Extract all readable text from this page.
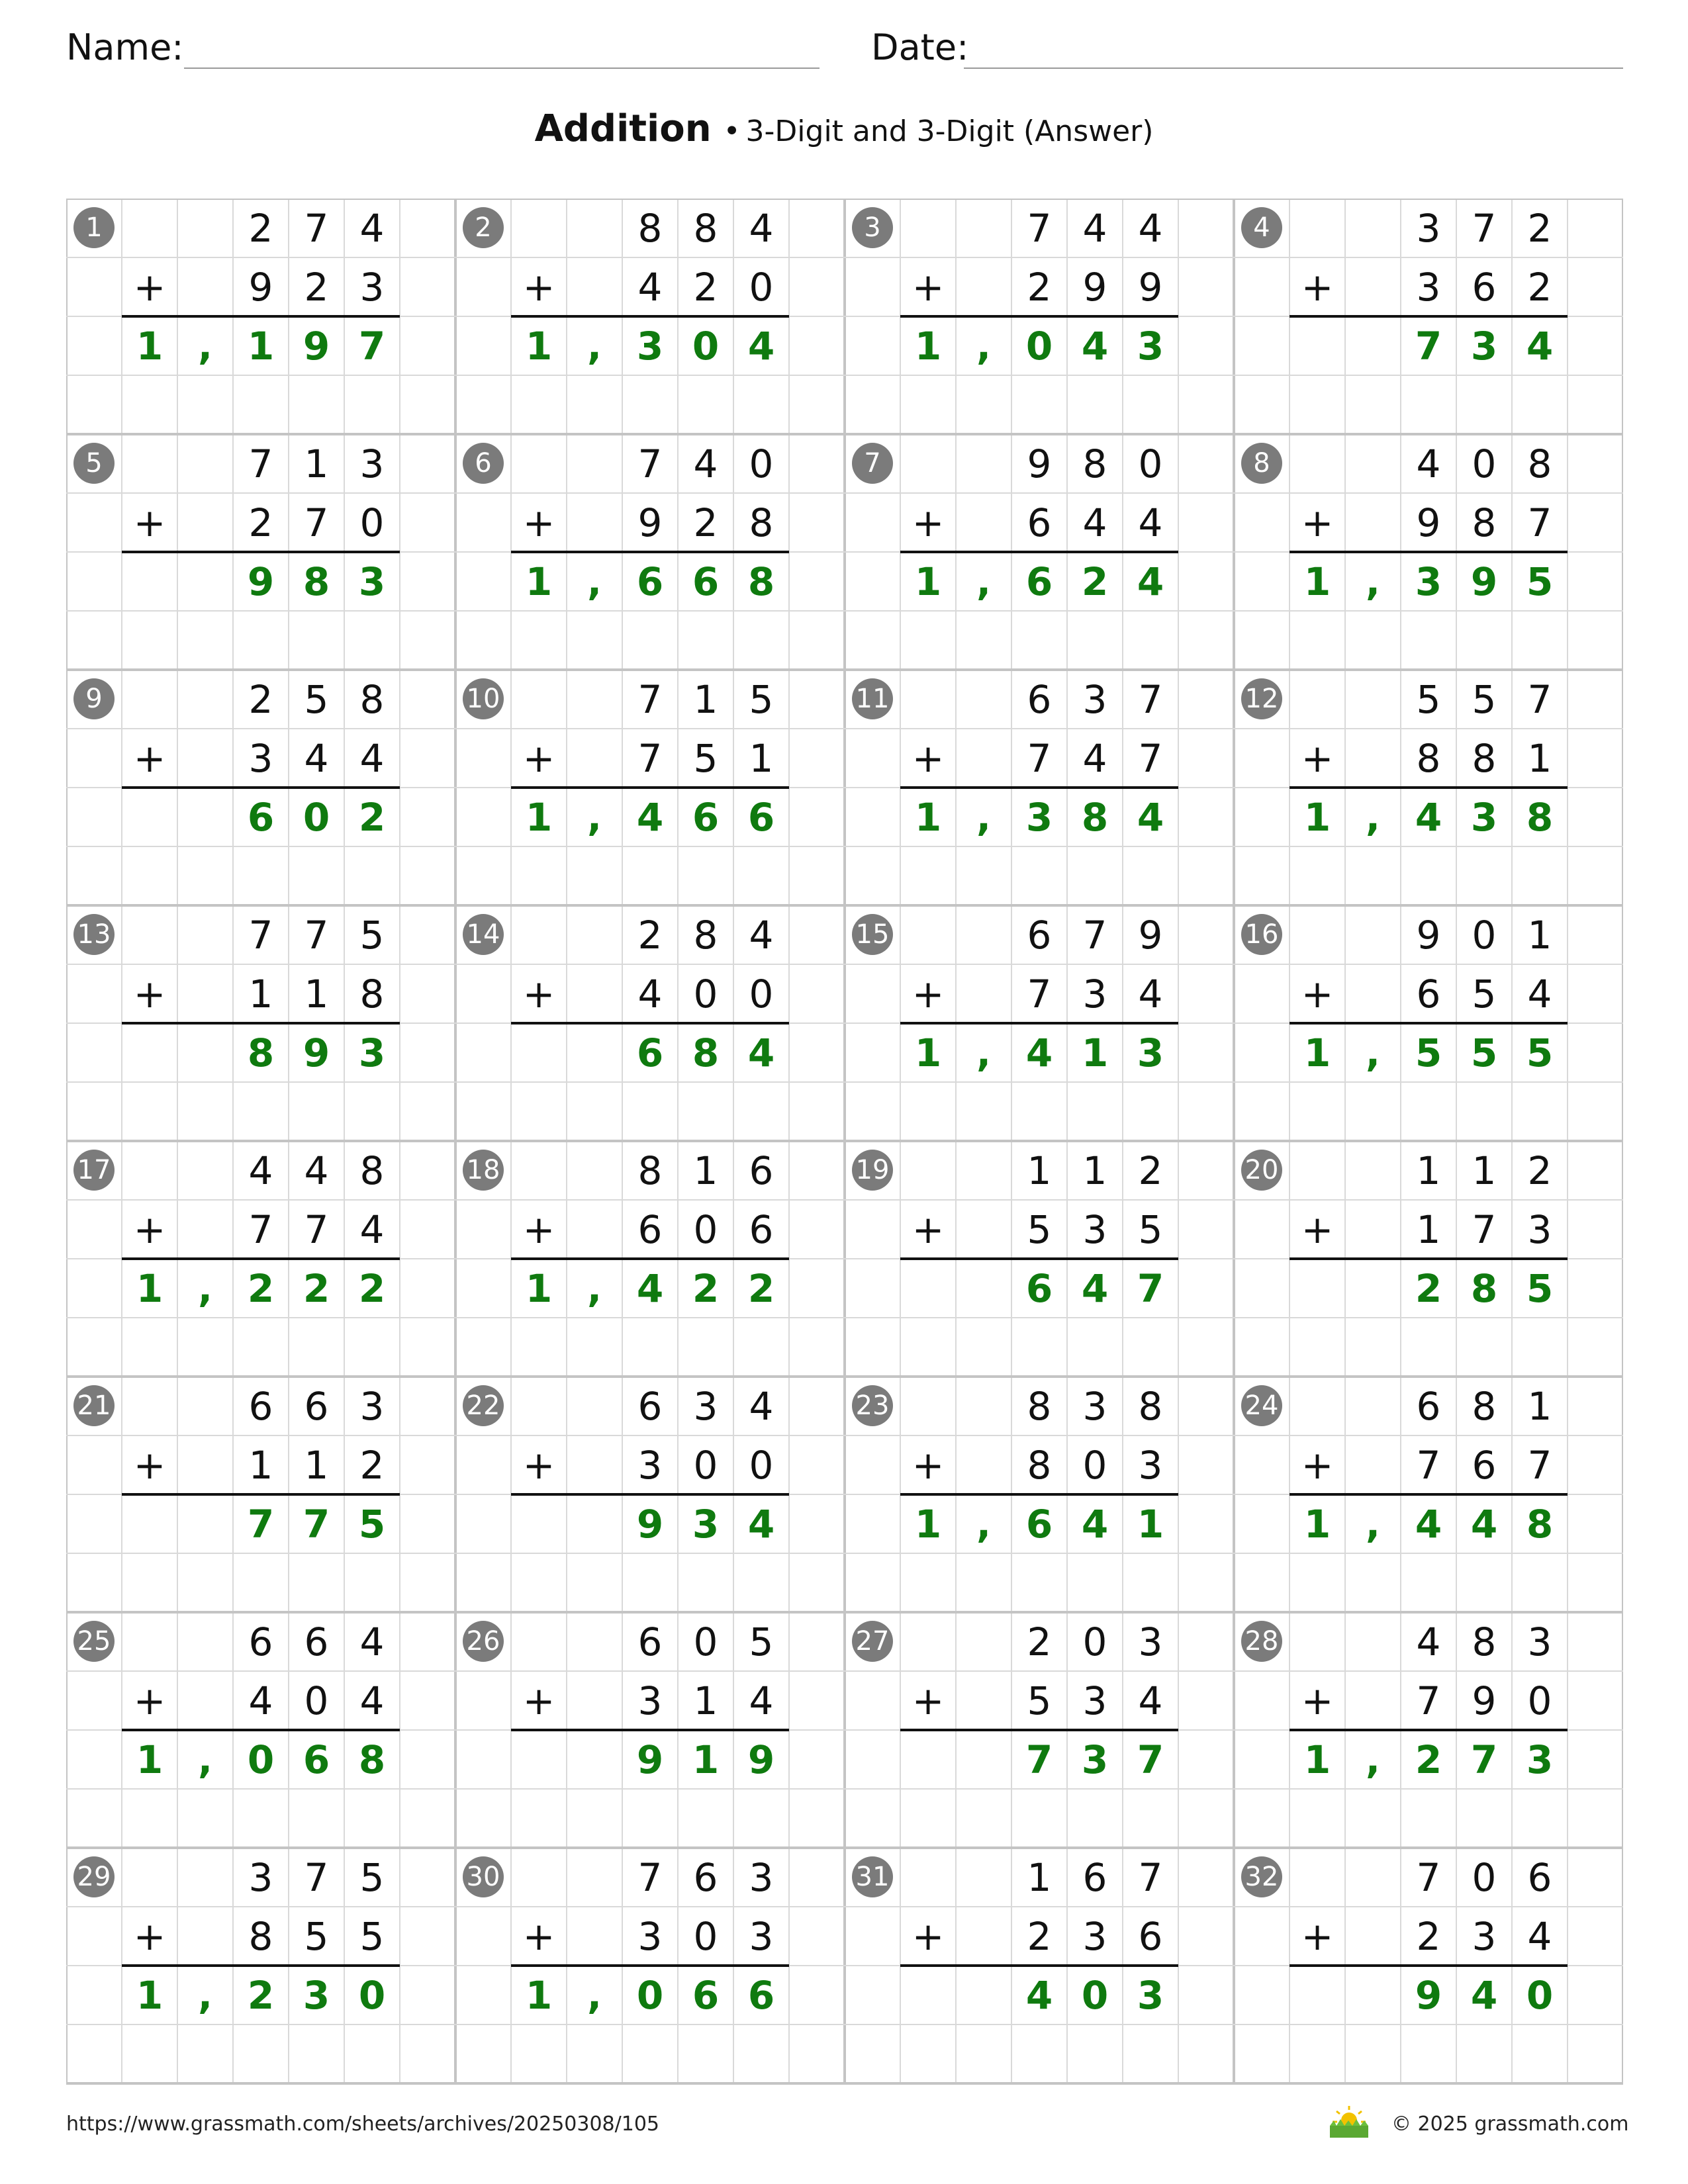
Name:	Date:
Addition • 3-Digit and 3-Digit (Answer)
1	2 7 4
9 2 3
+
1 , 1 9 7
2	8 8 4
4 2 0
+
1 , 3 0 4
3	7 4 4
2 9 9
+
1 , 0 4 3
4	3 7 2
3 6 2
+
7 3 4
5	7 1 3
2 7 0
+
9 8 3
6	7 4 0
9 2 8
+
1 , 6 6 8
7	9 8 0
6 4 4
+
1 , 6 2 4
8	4 0 8
9 8 7
+
1 , 3 9 5
9	2 5 8
3 4 4
+
6 0 2
10	7 1 5
7 5 1
+
1 , 4 6 6
11	6 3 7
7 4 7
+
1 , 3 8 4
12	5 5 7
8 8 1
+
1 , 4 3 8
13	7 7 5
1 1 8
+
8 9 3
14	2 8 4
4 0 0
+
6 8 4
15	6 7 9
7 3 4
+
1 , 4 1 3
16	9 0 1
6 5 4
+
1 , 5 5 5
17	4 4 8
7 7 4
+
1 , 2 2 2
18	8 1 6
6 0 6
+
1 , 4 2 2
19	1 1 2
5 3 5
+
6 4 7
20	1 1 2
1 7 3
+
2 8 5
21	6 6 3
1 1 2
+
7 7 5
22	6 3 4
3 0 0
+
9 3 4
23	8 3 8
8 0 3
+
1 , 6 4 1
24	6 8 1
7 6 7
+
1 , 4 4 8
25	6 6 4
4 0 4
+
1 , 0 6 8
26	6 0 5
3 1 4
+
9 1 9
27	2 0 3
5 3 4
+
7 3 7
28	4 8 3
7 9 0
+
1 , 2 7 3
29	3 7 5
8 5 5
+
1 , 2 3 0
30	7 6 3
3 0 3
+
1 , 0 6 6
31	1 6 7
2 3 6
+
4 0 3
32	7 0 6
2 3 4
+
9 4 0
https://www.grassmath.com/sheets/archives/20250308/105	© 2025 grassmath.com
